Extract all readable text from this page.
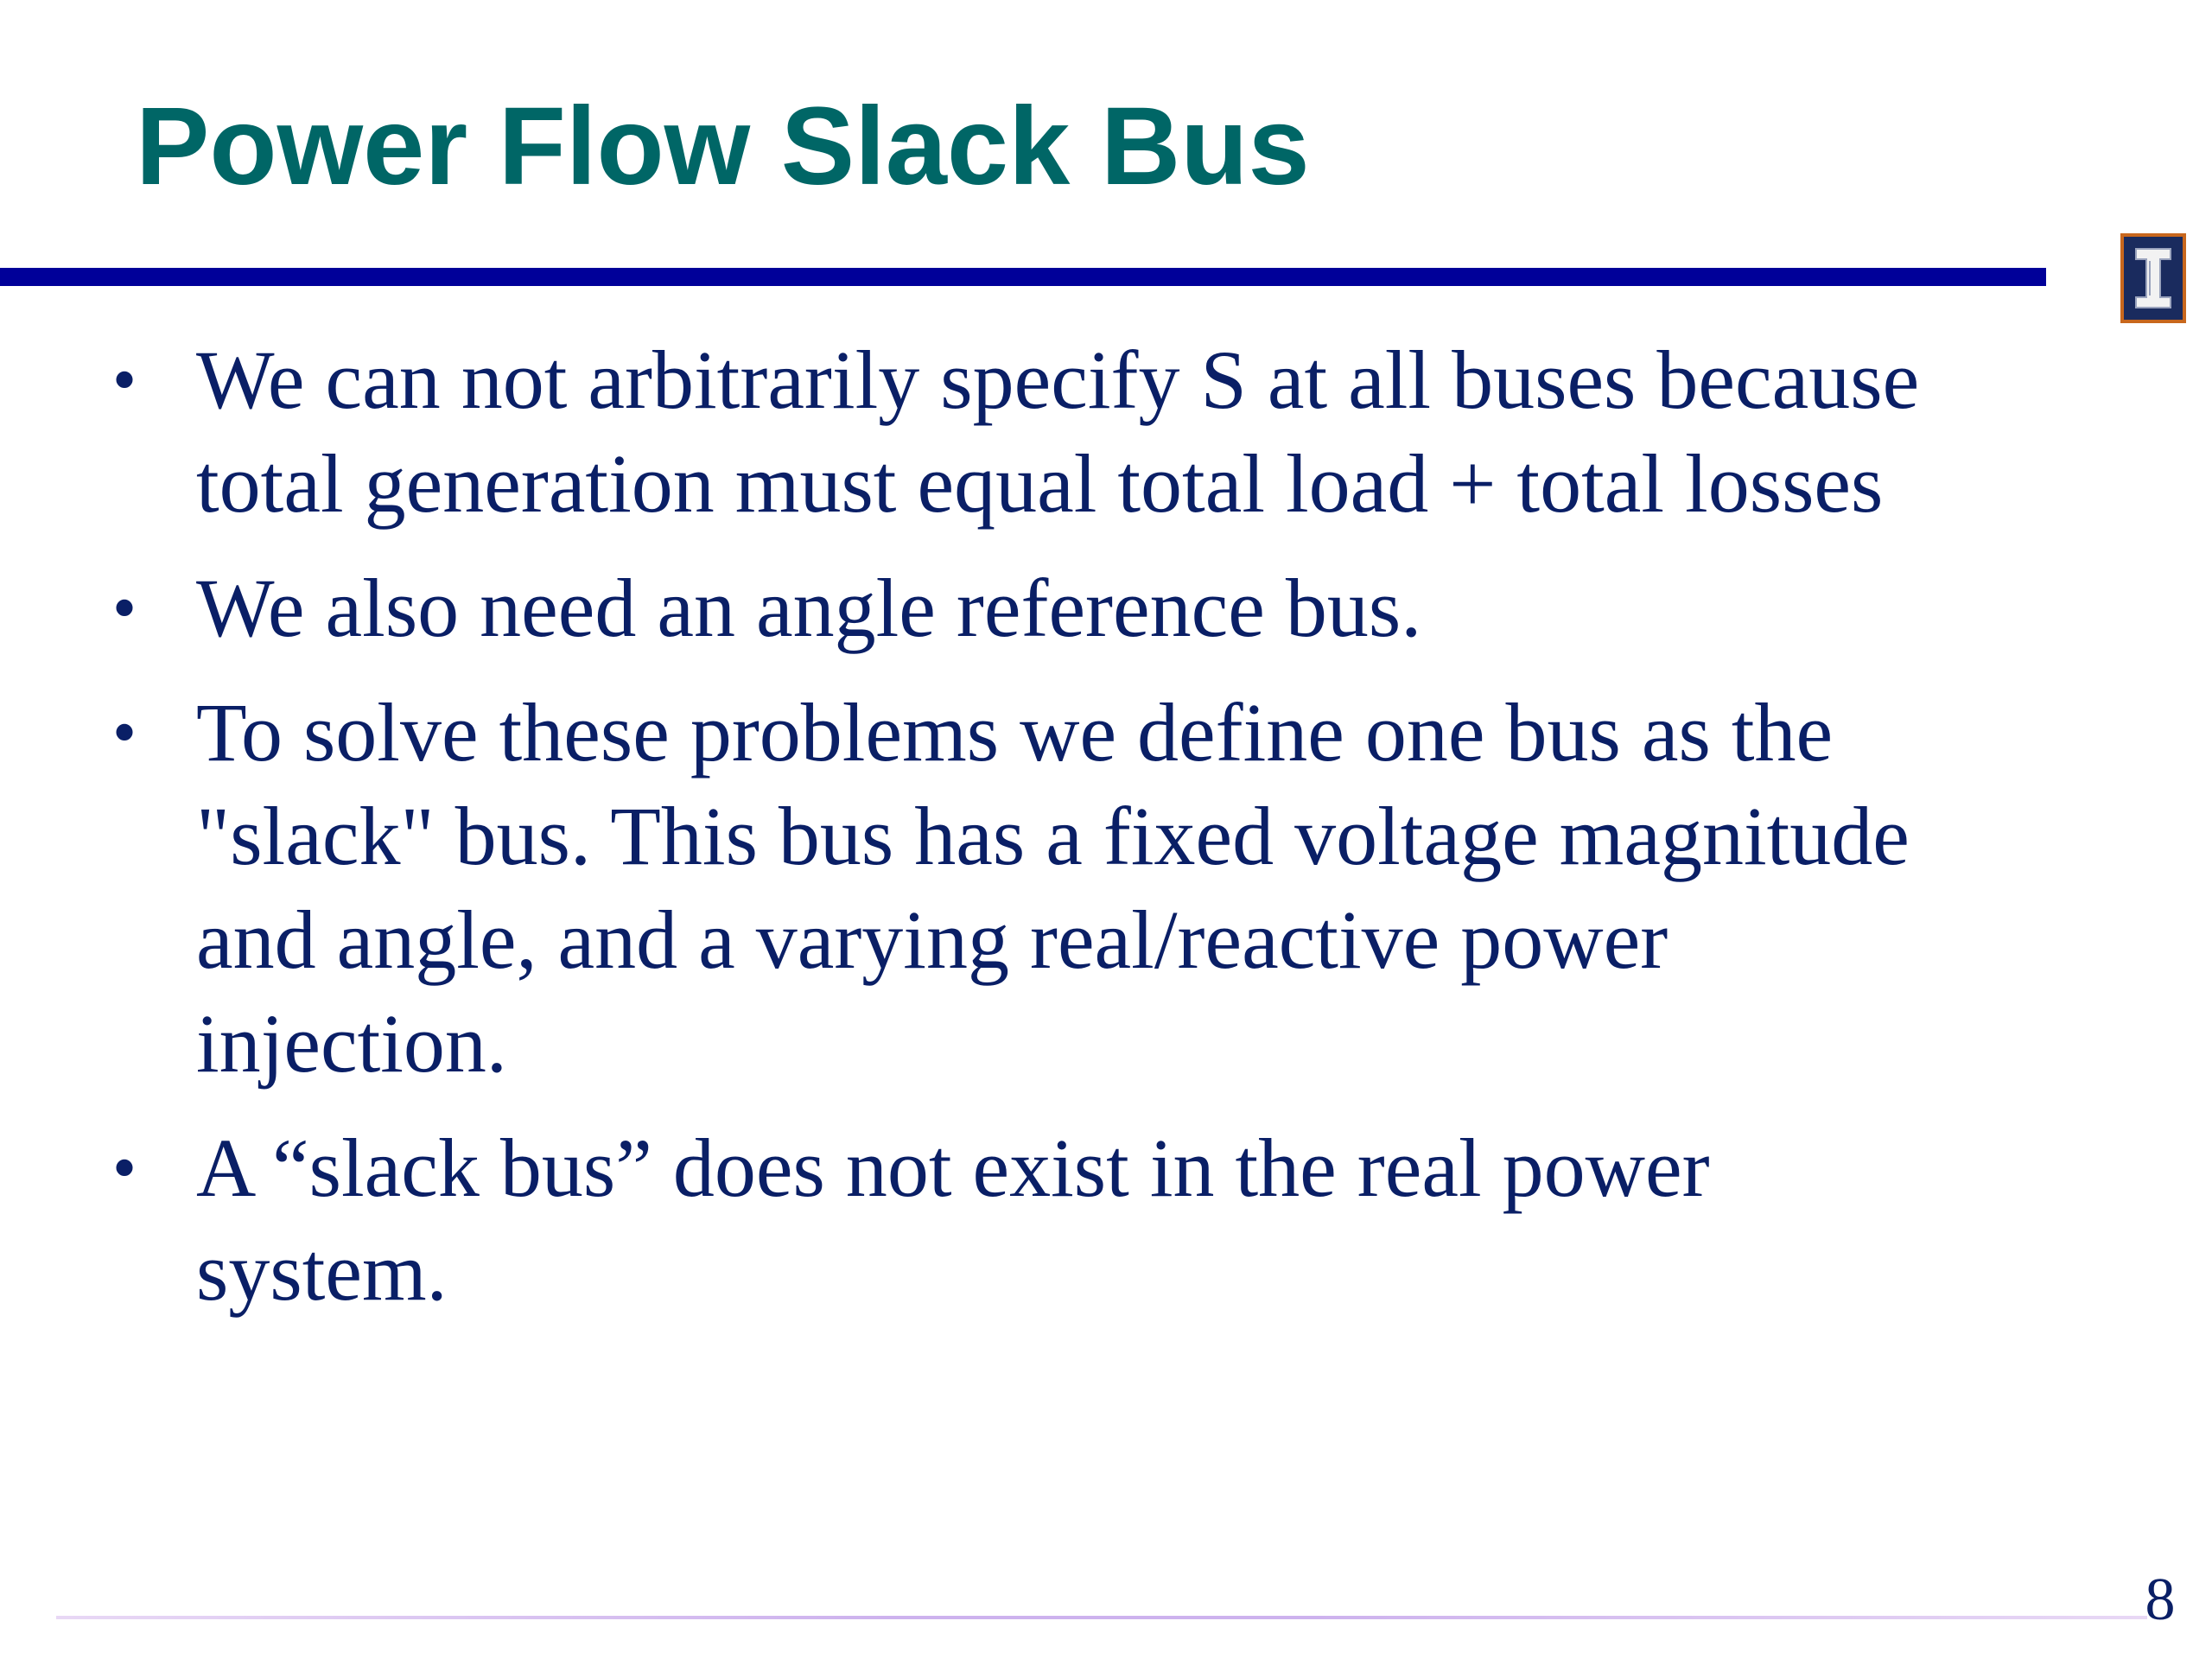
Power Flow Slack Bus
• We can not arbitrarily specify S at all buses because
total generation must equal total load + total losses
• We also need an angle reference bus.
• To solve these problems we define one bus as the
"slack" bus. This bus has a fixed voltage magnitude
and angle, and a varying real/reactive power
injection.
• A “slack bus” does not exist in the real power
system.
8
